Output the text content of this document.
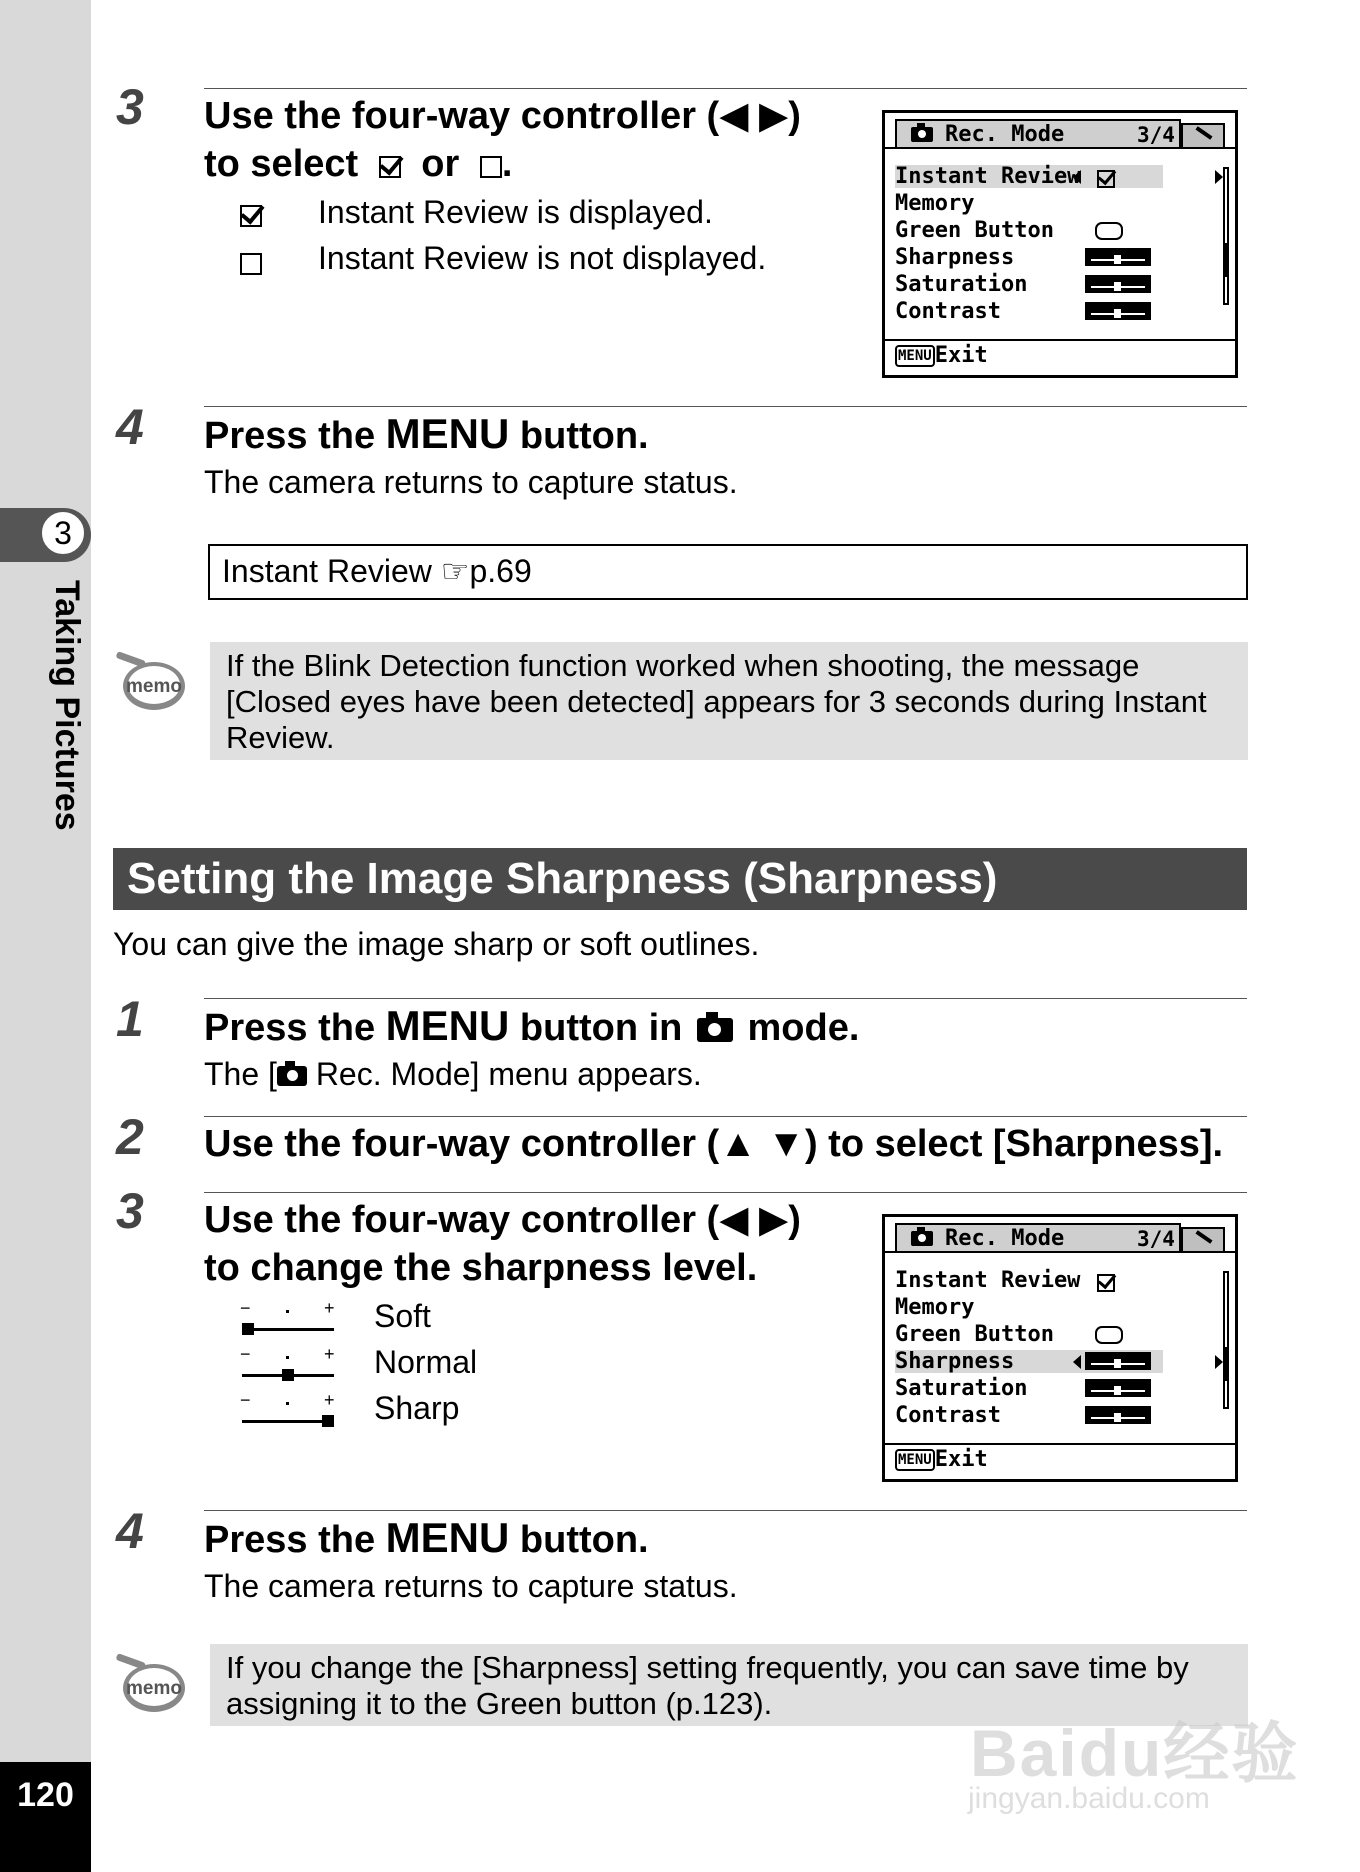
3
Taking Pictures
120
3 Use the four-way controller (◀ ▶)
to select or .
Instant Review is displayed.
Instant Review is not displayed.
Rec. Mode	3/4
Instant Review
Memory
Green Button
Sharpness
Saturation
Contrast
MENU Exit
4 Press the MENU button.
The camera returns to capture status.
Instant Review ☞p.69
memo
If the Blink Detection function worked when shooting, the message [Closed eyes have been detected] appears for 3 seconds during Instant Review.
Setting the Image Sharpness (Sharpness)
You can give the image sharp or soft outlines.
1 Press the MENU button in mode.
The [
Rec. Mode] menu appears.
2 Use the four-way controller (▲ ▼) to select [Sharpness].
3 Use the four-way controller (◀ ▶)
to change the sharpness level.
−	+ Soft
−	+ Normal
−	+ Sharp
Rec. Mode	3/4
Instant Review
Memory
Green Button
Sharpness
Saturation
Contrast
MENU Exit
4 Press the MENU button.
The camera returns to capture status.
memo
If you change the [Sharpness] setting frequently, you can save time by assigning it to the Green button (p.123).
Baidu经验
jingyan.baidu.com
